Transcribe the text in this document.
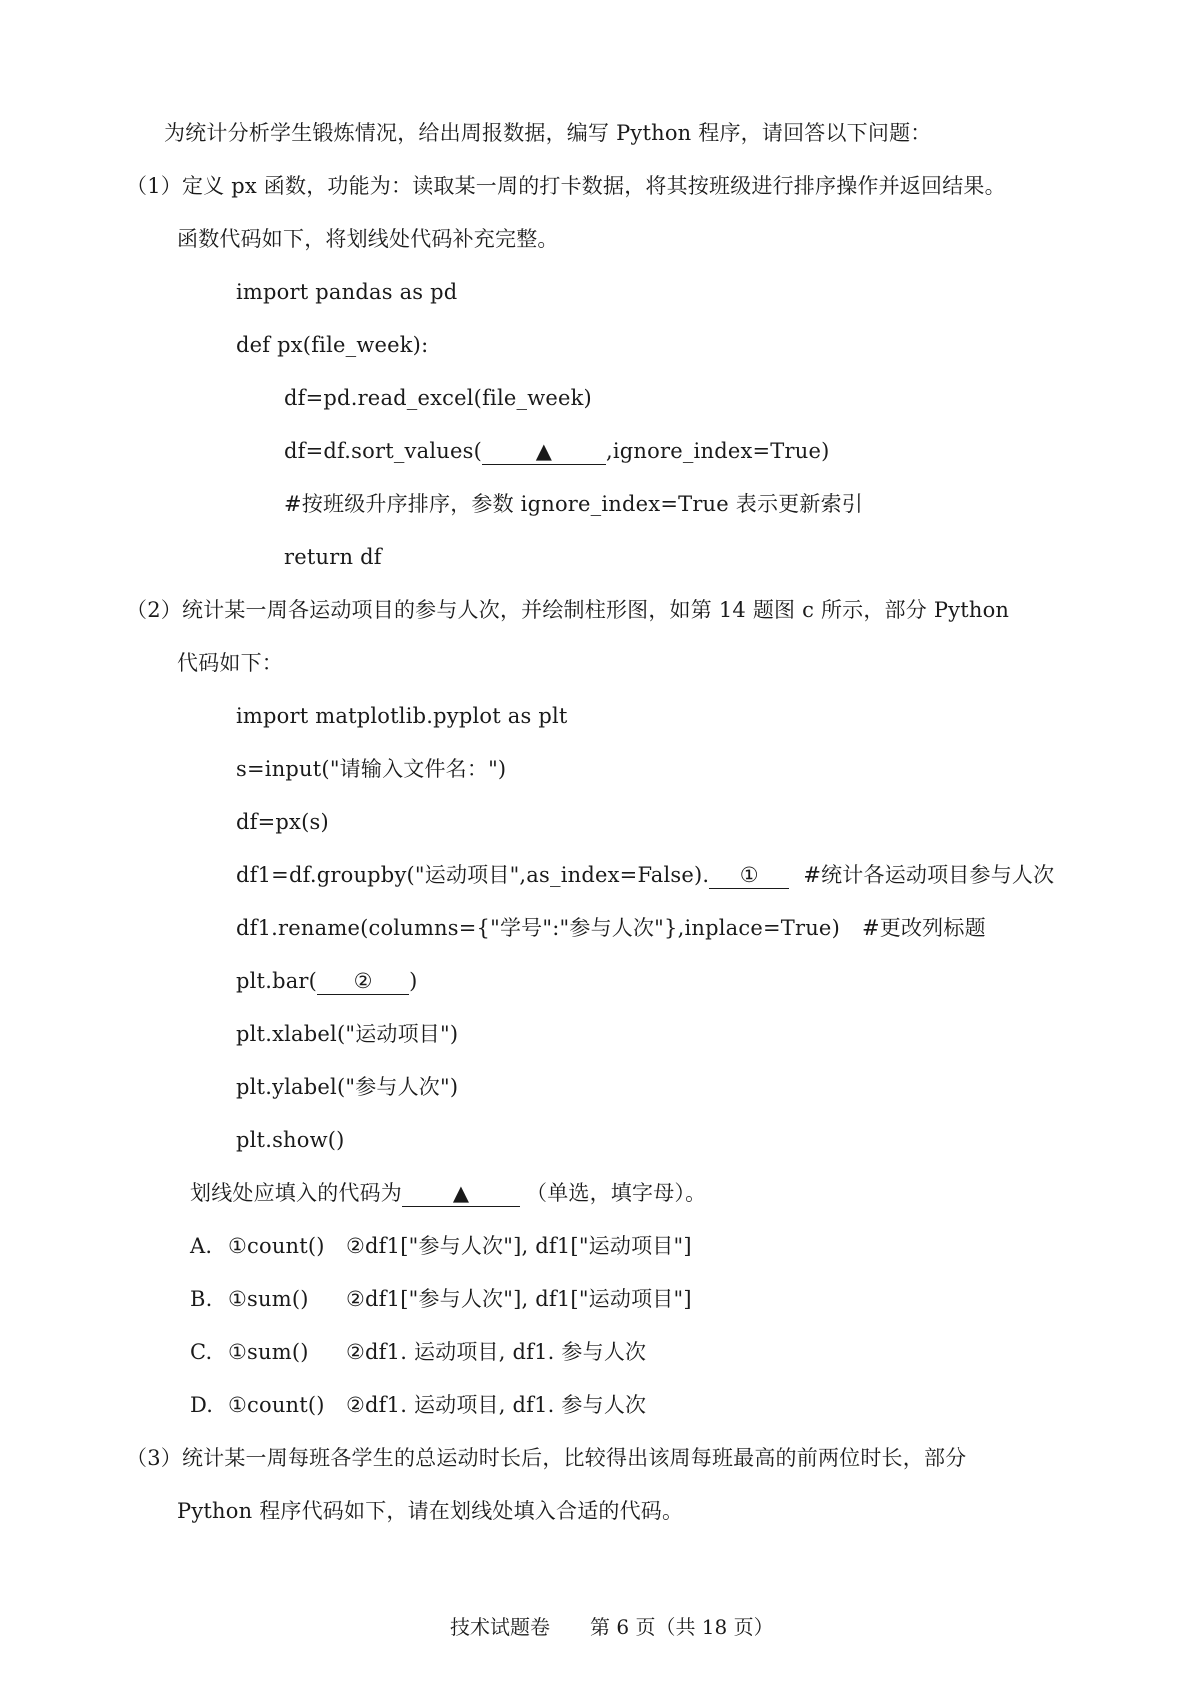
为统计分析学生锻炼情况，给出周报数据，编写 Python 程序，请回答以下问题：
（1）定义 px 函数，功能为：读取某一周的打卡数据，将其按班级进行排序操作并返回结果。
函数代码如下，将划线处代码补充完整。
import pandas as pd
def px(file_week):
df=pd.read_excel(file_week)
df=df.sort_values(	▲	,ignore_index=True)
#按班级升序排序，参数 ignore_index=True 表示更新索引
return df
（2）统计某一周各运动项目的参与人次，并绘制柱形图，如第 14 题图 c 所示，部分 Python
代码如下：
import matplotlib.pyplot as plt
s=input("请输入文件名：")
df=px(s)
df1=df.groupby("运动项目",as_index=False). ① #统计各运动项目参与人次
df1.rename(columns={"学号":"参与人次"},inplace=True) #更改列标题
plt.bar( ② )
plt.xlabel("运动项目")
plt.ylabel("参与人次")
plt.show()
划线处应填入的代码为 ▲	（单选，填字母）。
A. ①count() ②df1["参与人次"], df1["运动项目"]
B. ①sum() ②df1["参与人次"], df1["运动项目"]
C. ①sum() ②df1. 运动项目, df1. 参与人次
D. ①count() ②df1. 运动项目, df1. 参与人次
（3）统计某一周每班各学生的总运动时长后，比较得出该周每班最高的前两位时长，部分
Python 程序代码如下，请在划线处填入合适的代码。
技术试题卷 第 6 页（共 18 页）
